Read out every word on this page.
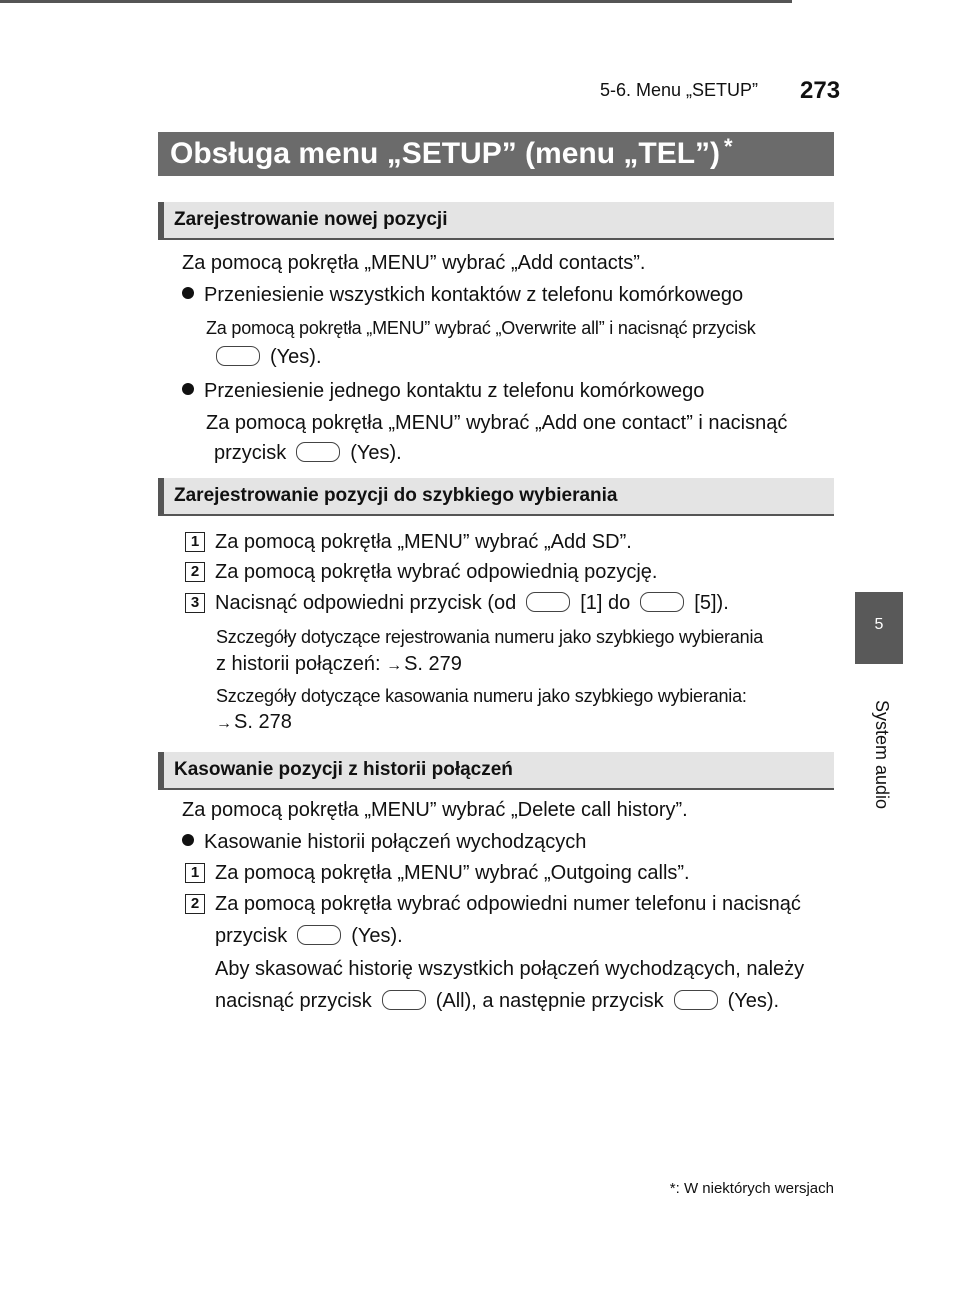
5-6. Menu „SETUP” 273
5
System audio
Obsługa menu „SETUP” (menu „TEL”) *
Zarejestrowanie nowej pozycji
Za pomocą pokrętła „MENU” wybrać „Add contacts”.
Przeniesienie wszystkich kontaktów z telefonu komórkowego
Za pomocą pokrętła „MENU” wybrać „Overwrite all” i nacisnąć przycisk
(Yes).
Przeniesienie jednego kontaktu z telefonu komórkowego
Za pomocą pokrętła „MENU” wybrać „Add one contact” i nacisnąć
przycisk	(Yes).
Zarejestrowanie pozycji do szybkiego wybierania
1 Za pomocą pokrętła „MENU” wybrać „Add SD”.
2 Za pomocą pokrętła wybrać odpowiednią pozycję.
3 Nacisnąć odpowiedni przycisk (od	[1] do	[5]).
Szczegóły dotyczące rejestrowania numeru jako szybkiego wybierania
z historii połączeń: → S. 279
Szczegóły dotyczące kasowania numeru jako szybkiego wybierania:
→ S. 278
Kasowanie pozycji z historii połączeń
Za pomocą pokrętła „MENU” wybrać „Delete call history”.
Kasowanie historii połączeń wychodzących
1 Za pomocą pokrętła „MENU” wybrać „Outgoing calls”.
2 Za pomocą pokrętła wybrać odpowiedni numer telefonu i nacisnąć
przycisk	(Yes).
Aby skasować historię wszystkich połączeń wychodzących, należy
nacisnąć przycisk	(All), a następnie przycisk	(Yes).
*: W niektórych wersjach
